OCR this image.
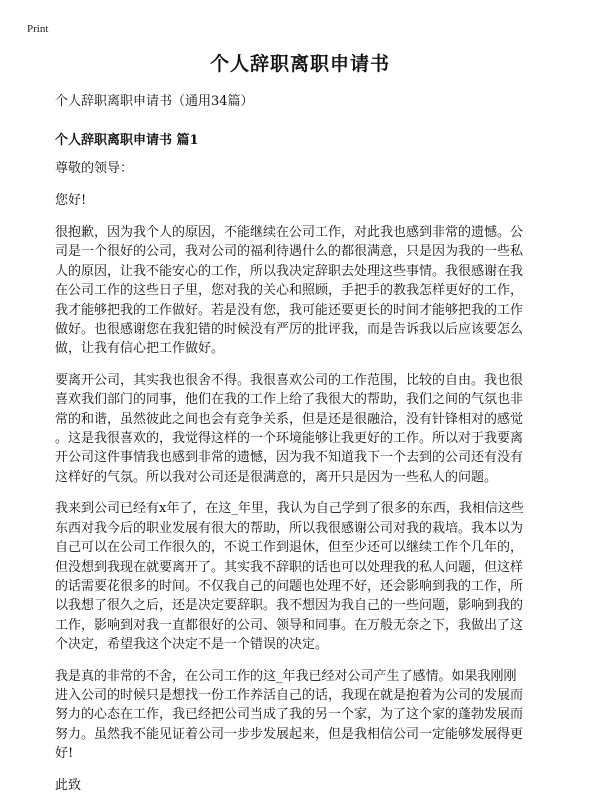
Print
个人辞职离职申请书

个人辞职离职申请书（通用34篇）

个人辞职离职申请书 篇1

尊敬的领导：

您好!

很抱歉，因为我个人的原因，不能继续在公司工作，对此我也感到非常的遗憾。公
司是一个很好的公司，我对公司的福利待遇什么的都很满意，只是因为我的一些私
人的原因，让我不能安心的工作，所以我决定辞职去处理这些事情。我很感谢在我
在公司工作的这些日子里，您对我的关心和照顾，手把手的教我怎样更好的工作，
我才能够把我的工作做好。若是没有您，我可能还要更长的时间才能够把我的工作
做好。也很感谢您在我犯错的时候没有严厉的批评我，而是告诉我以后应该要怎么
做，让我有信心把工作做好。

要离开公司，其实我也很舍不得。我很喜欢公司的工作范围，比较的自由。我也很
喜欢我们部门的同事，他们在我的工作上给了我很大的帮助，我们之间的气氛也非
常的和谐，虽然彼此之间也会有竞争关系，但是还是很融洽，没有针锋相对的感觉
。这是我很喜欢的，我觉得这样的一个环境能够让我更好的工作。所以对于我要离
开公司这件事情我也感到非常的遗憾，因为我不知道我下一个去到的公司还有没有
这样好的气氛。所以我对公司还是很满意的，离开只是因为一些私人的问题。

我来到公司已经有x年了，在这_年里，我认为自己学到了很多的东西，我相信这些
东西对我今后的职业发展有很大的帮助，所以我很感谢公司对我的栽培。我本以为
自己可以在公司工作很久的，不说工作到退休，但至少还可以继续工作个几年的，
但没想到我现在就要离开了。其实我不辞职的话也可以处理我的私人问题，但这样
的话需要花很多的时间。不仅我自己的问题也处理不好，还会影响到我的工作，所
以我想了很久之后，还是决定要辞职。我不想因为我自己的一些问题，影响到我的
工作，影响到对我一直都很好的公司、领导和同事。在万般无奈之下，我做出了这
个决定，希望我这个决定不是一个错误的决定。

我是真的非常的不舍，在公司工作的这_年我已经对公司产生了感情。如果我刚刚
进入公司的时候只是想找一份工作养活自己的话，我现在就是抱着为公司的发展而
努力的心态在工作，我已经把公司当成了我的另一个家，为了这个家的蓬勃发展而
努力。虽然我不能见证着公司一步步发展起来，但是我相信公司一定能够发展得更
好!

此致
